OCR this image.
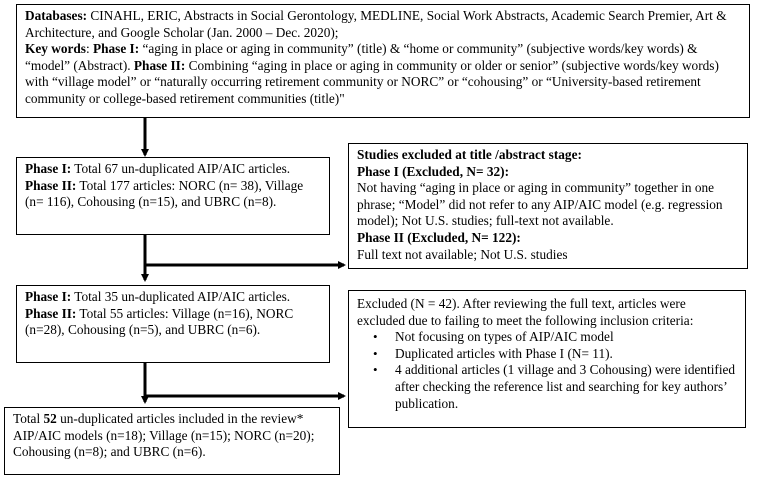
Databases: CINAHL, ERIC, Abstracts in Social Gerontology, MEDLINE, Social Work Abstracts, Academic Search Premier, Art & Architecture, and Google Scholar (Jan. 2000 – Dec. 2020);
Key words: Phase I: “aging in place or aging in community” (title) & “home or community” (subjective words/key words) & “model” (Abstract). Phase II: Combining “aging in place or aging in community or older or senior” (subjective words/key words) with “village model” or “naturally occurring retirement community or NORC” or “cohousing” or “University-based retirement community or college-based retirement communities (title)"
Phase I: Total 67 un-duplicated AIP/AIC articles.
Phase II: Total 177 articles: NORC (n= 38), Village (n= 116), Cohousing (n=15), and UBRC (n=8).
Studies excluded at title /abstract stage:
Phase I (Excluded, N= 32):
Not having “aging in place or aging in community” together in one phrase; “Model” did not refer to any AIP/AIC model (e.g. regression model); Not U.S. studies; full-text not available.
Phase II (Excluded, N= 122):
Full text not available; Not U.S. studies
Phase I: Total 35 un-duplicated AIP/AIC articles.
Phase II: Total 55 articles: Village (n=16), NORC (n=28), Cohousing (n=5), and UBRC (n=6).
Excluded (N = 42). After reviewing the full text, articles were excluded due to failing to meet the following inclusion criteria:
• Not focusing on types of AIP/AIC model
• Duplicated articles with Phase I (N= 11).
• 4 additional articles (1 village and 3 Cohousing) were identified after checking the reference list and searching for key authors’ publication.
Total 52 un-duplicated articles included in the review* AIP/AIC models (n=18); Village (n=15); NORC (n=20); Cohousing (n=8); and UBRC (n=6).
